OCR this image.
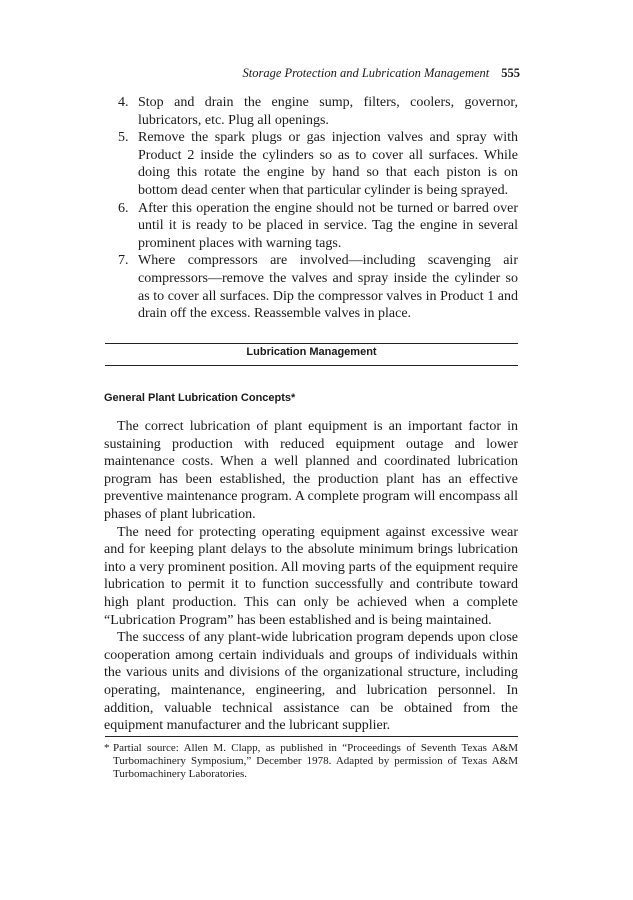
Storage Protection and Lubrication Management 555
4. Stop and drain the engine sump, filters, coolers, governor, lubricators, etc. Plug all openings.
5. Remove the spark plugs or gas injection valves and spray with Product 2 inside the cylinders so as to cover all surfaces. While doing this rotate the engine by hand so that each piston is on bottom dead center when that particular cylinder is being sprayed.
6. After this operation the engine should not be turned or barred over until it is ready to be placed in service. Tag the engine in several prominent places with warning tags.
7. Where compressors are involved—including scavenging air compressors—remove the valves and spray inside the cylinder so as to cover all surfaces. Dip the compressor valves in Product 1 and drain off the excess. Reassemble valves in place.
Lubrication Management
General Plant Lubrication Concepts*

The correct lubrication of plant equipment is an important factor in sustaining production with reduced equipment outage and lower maintenance costs. When a well planned and coordinated lubrication program has been established, the production plant has an effective preventive maintenance program. A complete program will encompass all phases of plant lubrication.

The need for protecting operating equipment against excessive wear and for keeping plant delays to the absolute minimum brings lubrication into a very prominent position. All moving parts of the equipment require lubrication to permit it to function successfully and contribute toward high plant production. This can only be achieved when a complete “Lubrication Program” has been established and is being maintained.

The success of any plant-wide lubrication program depends upon close cooperation among certain individuals and groups of individuals within the various units and divisions of the organizational structure, including operating, maintenance, engineering, and lubrication personnel. In addition, valuable technical assistance can be obtained from the equipment manufacturer and the lubricant supplier.

* Partial source: Allen M. Clapp, as published in “Proceedings of Seventh Texas A&M Turbomachinery Symposium,” December 1978. Adapted by permission of Texas A&M Turbomachinery Laboratories.
